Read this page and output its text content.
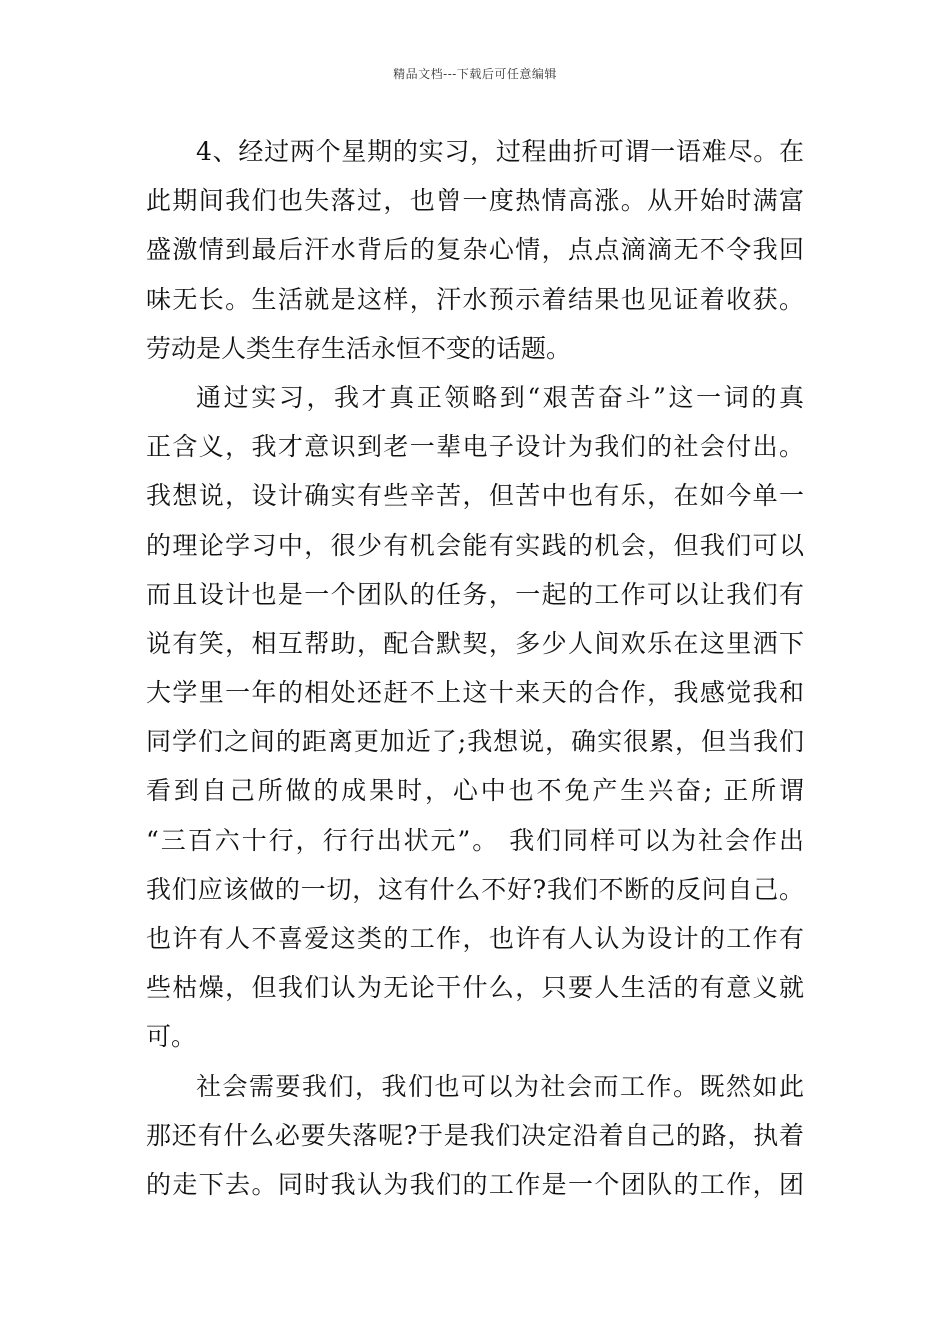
精品文档---下载后可任意编辑
4、经过两个星期的实习，过程曲折可谓一语难尽。在
此期间我们也失落过，也曾一度热情高涨。从开始时满富
盛激情到最后汗水背后的复杂心情，点点滴滴无不令我回
味无长。生活就是这样，汗水预示着结果也见证着收获。
劳动是人类生存生活永恒不变的话题。
通过实习，我才真正领略到“艰苦奋斗”这一词的真
正含义，我才意识到老一辈电子设计为我们的社会付出。
我想说，设计确实有些辛苦，但苦中也有乐，在如今单一
的理论学习中，很少有机会能有实践的机会，但我们可以
而且设计也是一个团队的任务，一起的工作可以让我们有
说有笑，相互帮助，配合默契，多少人间欢乐在这里洒下
大学里一年的相处还赶不上这十来天的合作，我感觉我和
同学们之间的距离更加近了;我想说，确实很累，但当我们
看到自己所做的成果时，心中也不免产生兴奋; 正所谓
“三百六十行，行行出状元”。 我们同样可以为社会作出
我们应该做的一切，这有什么不好?我们不断的反问自己。
也许有人不喜爱这类的工作，也许有人认为设计的工作有
些枯燥，但我们认为无论干什么，只要人生活的有意义就
可。
社会需要我们，我们也可以为社会而工作。既然如此
那还有什么必要失落呢?于是我们决定沿着自己的路，执着
的走下去。同时我认为我们的工作是一个团队的工作，团
